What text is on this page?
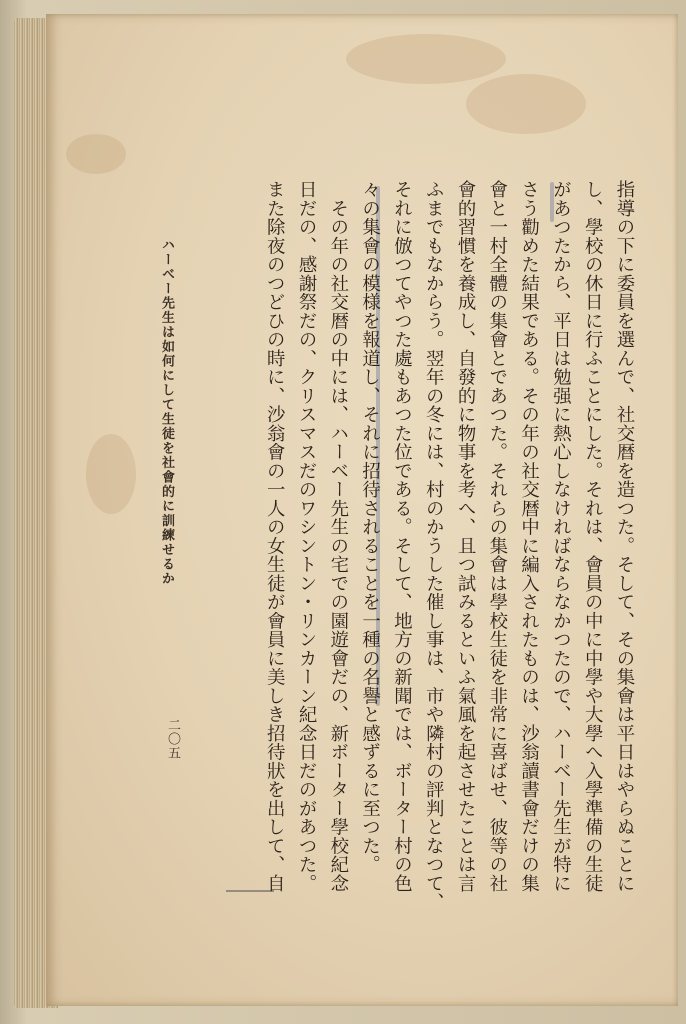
指導の下に委員を選んで、社交暦を造つた。そして、その集會は平日はやらぬことに
し、學校の休日に行ふことにした。それは、會員の中に中學や大學へ入學準備の生徒
があつたから、平日は勉强に熱心しなければならなかつたので、ハーベー先生が特に
さう勸めた結果である。その年の社交暦中に編入されたものは、沙翁讀書會だけの集
會と一村全體の集會とであつた。それらの集會は學校生徒を非常に喜ばせ、彼等の社
會的習慣を養成し、自發的に物事を考へ、且つ試みるといふ氣風を起させたことは言
ふまでもなからう。翌年の冬には、村のかうした催し事は、市や隣村の評判となつて、
それに倣つてやつた處もあつた位である。そして、地方の新聞では、ボーター村の色
々の集會の模様を報道し、それに招待されることを一種の名譽と感ずるに至つた。
　その年の社交暦の中には、ハーベー先生の宅での園遊會だの、新ボーター學校紀念
日だの、感謝祭だの、クリスマスだのワシントン・リンカーン紀念日だのがあつた。
また除夜のつどひの時に、沙翁會の一人の女生徒が會員に美しき招待狀を出して、自
ハーベー先生は如何にして生徒を社會的に訓練せるか
二〇五
